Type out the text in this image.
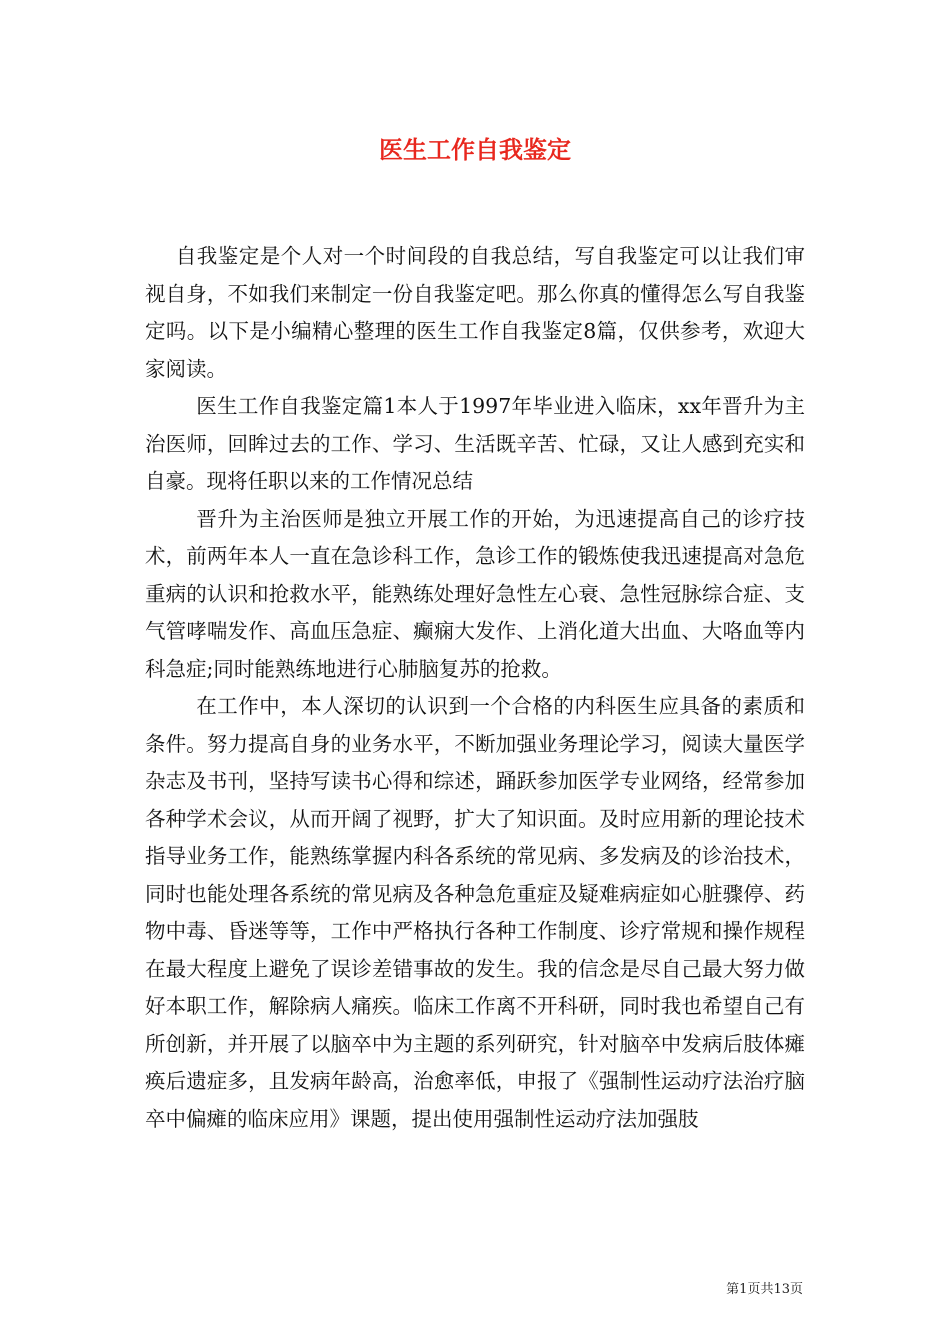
医生工作自我鉴定

自我鉴定是个人对一个时间段的自我总结，写自我鉴定可以让我们审视自身，不如我们来制定一份自我鉴定吧。那么你真的懂得怎么写自我鉴定吗。以下是小编精心整理的医生工作自我鉴定8篇，仅供参考，欢迎大家阅读。

医生工作自我鉴定篇1本人于1997年毕业进入临床，xx年晋升为主治医师，回眸过去的工作、学习、生活既辛苦、忙碌，又让人感到充实和自豪。现将任职以来的工作情况总结

晋升为主治医师是独立开展工作的开始，为迅速提高自己的诊疗技术，前两年本人一直在急诊科工作，急诊工作的锻炼使我迅速提高对急危重病的认识和抢救水平，能熟练处理好急性左心衰、急性冠脉综合症、支气管哮喘发作、高血压急症、癫痫大发作、上消化道大出血、大咯血等内科急症;同时能熟练地进行心肺脑复苏的抢救。

在工作中，本人深切的认识到一个合格的内科医生应具备的素质和条件。努力提高自身的业务水平，不断加强业务理论学习，阅读大量医学杂志及书刊，坚持写读书心得和综述，踊跃参加医学专业网络，经常参加各种学术会议，从而开阔了视野，扩大了知识面。及时应用新的理论技术指导业务工作，能熟练掌握内科各系统的常见病、多发病及的诊治技术，同时也能处理各系统的常见病及各种急危重症及疑难病症如心脏骤停、药物中毒、昏迷等等，工作中严格执行各种工作制度、诊疗常规和操作规程在最大程度上避免了误诊差错事故的发生。我的信念是尽自己最大努力做好本职工作，解除病人痛疾。临床工作离不开科研，同时我也希望自己有所创新，并开展了以脑卒中为主题的系列研究，针对脑卒中发病后肢体瘫痪后遗症多，且发病年龄高，治愈率低，申报了《强制性运动疗法治疗脑卒中偏瘫的临床应用》课题，提出使用强制性运动疗法加强肢

第1页共13页
